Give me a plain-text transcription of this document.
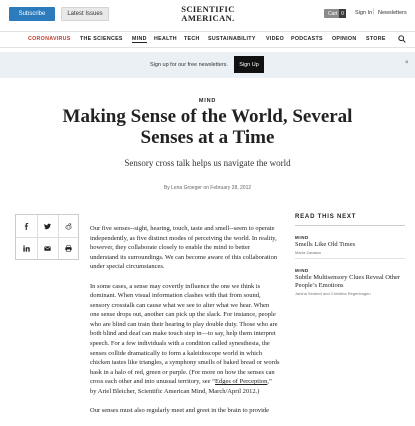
Subscribe	Latest Issues	SCIENTIFIC
AMERICAN.	Cart 0	Sign In | Newsletters
CORONAVIRUS THE SCIENCES MIND HEALTH TECH SUSTAINABILITY VIDEO PODCASTS OPINION STORE
Sign up for our free newsletters.	Sign Up	×
MIND
Making Sense of the World, Several Senses at a Time
Sensory cross talk helps us navigate the world
By Lena Groeger on February 28, 2012

Our five senses--sight, hearing, touch, taste and smell--seem to operate independently, as five distinct modes of perceiving the world. In reality, however, they collaborate closely to enable the mind to better understand its surroundings. We can become aware of this collaboration under special circumstances.

In some cases, a sense may covertly influence the one we think is dominant. When visual information clashes with that from sound, sensory crosstalk can cause what we see to alter what we hear. When one sense drops out, another can pick up the slack. For instance, people who are blind can train their hearing to play double duty. Those who are both blind and deaf can make touch step in—to say, help them interpret speech. For a few individuals with a condition called synesthesia, the senses collide dramatically to form a kaleidoscope world in which chicken tastes like triangles, a symphony smells of baked bread or words bask in a halo of red, green or purple. (For more on how the senses can cross each other and into unusual territory, see “Edges of Perception,” by Ariel Bleicher, Scientific American Mind, March/April 2012.)

Our senses must also regularly meet and greet in the brain to provide

READ THIS NEXT
MIND
Smells Like Old Times
Marta Zaraska
MIND
Subtle Multisensory Clues Reveal Other People’s Emotions
Janina Seubert and Christina Regenbogen
